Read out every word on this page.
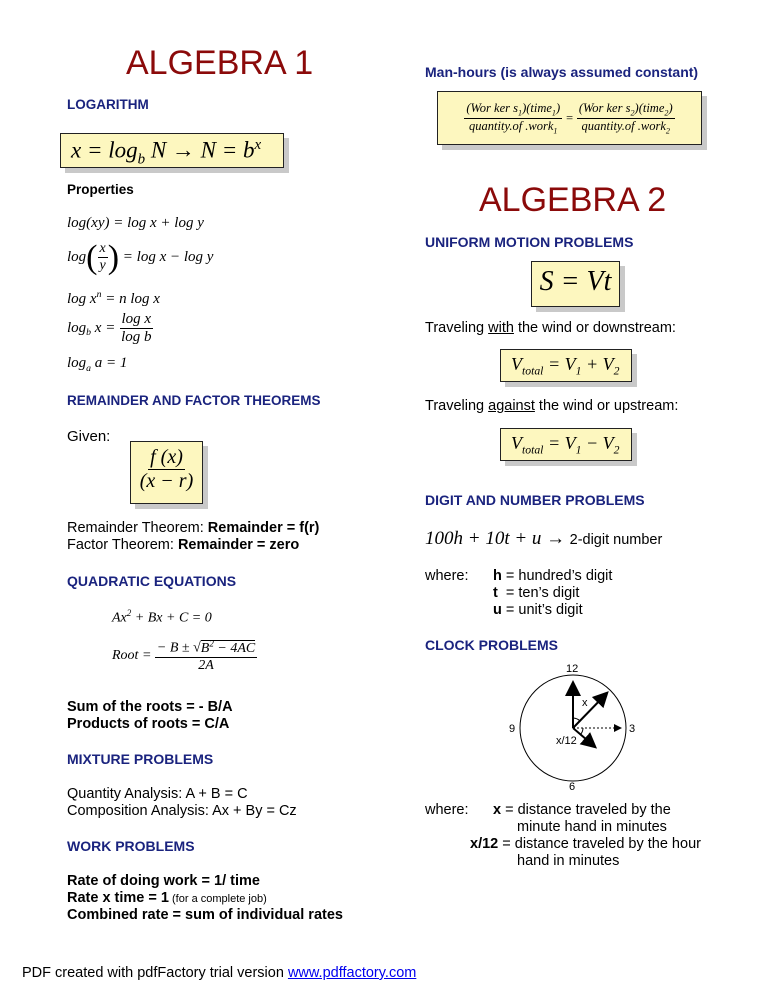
ALGEBRA 1
LOGARITHM
$x = \log_b N \to N = b^x$
Properties
log(xy) = log x + log y
log ( $\frac{x}{y}$ ) = log x − log y
$\log x^n = n$ log x
log b $x = \frac{\text{log x}}{\text{log b}}$
$\log_a a = 1$
REMAINDER AND FACTOR THEOREMS
Given:
$\frac{f (x)}{(x - r)}$
Remainder Theorem: Remainder = f(r)
Factor Theorem: Remainder = zero
QUADRATIC EQUATIONS
$Ax^2 + Bx + C = 0$
Root = $\frac{- B \pm √B^2 - 4AC}{2A}$
Sum of the roots = - B/A
Products of roots = C/A
MIXTURE PROBLEMS
Quantity Analysis: A + B = C
Composition Analysis: Ax + By = Cz
WORK PROBLEMS
Rate of doing work = 1/ time
Rate x time = 1 (for a complete job)
Combined rate = sum of individual rates
Man-hours (is always assumed constant)
$\frac{(Wor ker s_1)(time_1)}{quantity.of .work_1} = \frac{(Wor ker s_2)(time_2)}{quantity.of .work_2}$
ALGEBRA 2
UNIFORM MOTION PROBLEMS
S = Vt
Traveling with the wind or downstream:
$V_{total} = V_1 + V_2$
Traveling against the wind or upstream:
$V_{total} = V_1 - V_2$
DIGIT AND NUMBER PROBLEMS
100h + 10t + u → 2-digit number
where: h = hundred’s digit
t  = ten’s digit
u = unit’s digit
CLOCK PROBLEMS
12
3
6
9
x
x/12
where: x = distance traveled by the
minute hand in minutes
x/12 = distance traveled by the hour
hand in minutes
PDF created with pdfFactory trial version www.pdffactory.com
